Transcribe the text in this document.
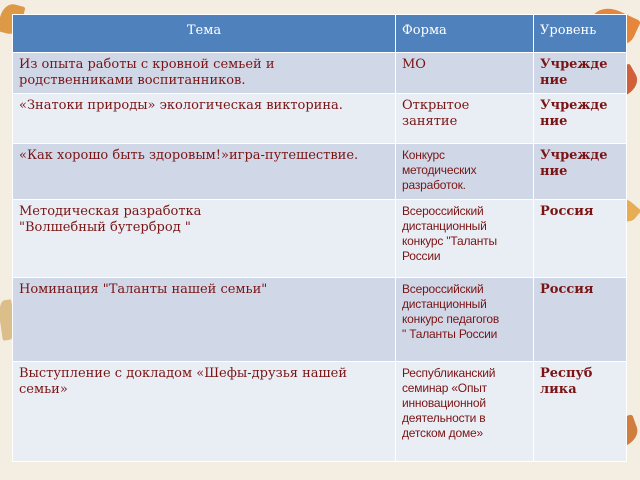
Тема	Форма	Уровень

Из опыта работы с кровной семьей и родственниками воспитанников.	МО	Учрежде
ние

«Знатоки природы» экологическая викторина.	Открытое
занятие	Учрежде
ние

«Как хорошо быть здоровым!»игра-путешествие.	Конкурс
методических
разработок.	Учрежде
ние

Методическая разработка
"Волшебный бутерброд "	Всероссийский
дистанционный
конкурс "Таланты
России	Россия

Номинация "Таланты нашей семьи"	Всероссийский
дистанционный
конкурс педагогов
" Таланты России	Россия

Выступление с докладом «Шефы-друзья нашей семьи»	Республиканский
семинар «Опыт
инновационной
деятельности в
детском доме»	Респуб
лика
